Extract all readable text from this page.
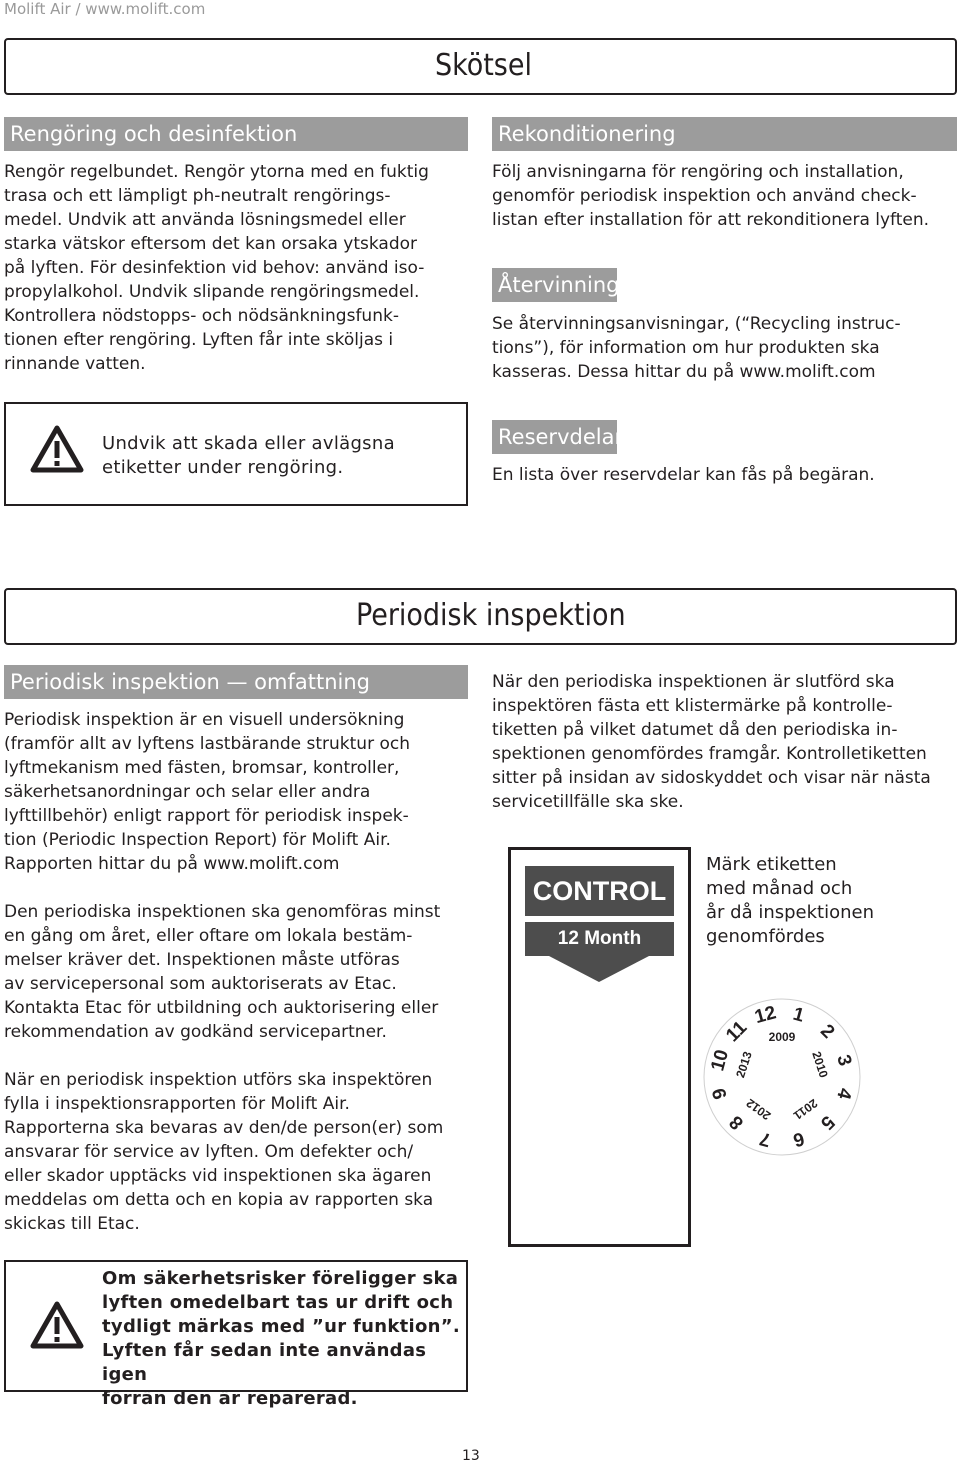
Molift Air / www.molift.com
Skötsel
Rengöring och desinfektion

Rengör regelbundet. Rengör ytorna med en fuktig

trasa och ett lämpligt ph-neutralt rengörings-

medel. Undvik att använda lösningsmedel eller

starka vätskor eftersom det kan orsaka ytskador

på lyften. För desinfektion vid behov: använd iso-

propylalkohol. Undvik slipande rengöringsmedel.

Kontrollera nödstopps- och nödsänkningsfunk-

tionen efter rengöring. Lyften får inte sköljas i

rinnande vatten.

Undvik att skada eller avlägsna
etiketter under rengöring.
Rekonditionering

Följ anvisningarna för rengöring och installation,

genomför periodisk inspektion och använd check-

listan efter installation för att rekonditionera lyften.

Återvinning

Se återvinningsanvisningar, (“Recycling instruc-

tions”), för information om hur produkten ska

kasseras. Dessa hittar du på www.molift.com

Reservdelar

En lista över reservdelar kan fås på begäran.

Periodisk inspektion
Periodisk inspektion — omfattning

Periodisk inspektion är en visuell undersökning

(framför allt av lyftens lastbärande struktur och

lyftmekanism med fästen, bromsar, kontroller,

säkerhetsanordningar och selar eller andra

lyfttillbehör) enligt rapport för periodisk inspek-

tion (Periodic Inspection Report) för Molift Air.

Rapporten hittar du på www.molift.com

Den periodiska inspektionen ska genomföras minst

en gång om året, eller oftare om lokala bestäm-

melser kräver det. Inspektionen måste utföras

av servicepersonal som auktoriserats av Etac.

Kontakta Etac för utbildning och auktorisering eller

rekommendation av godkänd servicepartner.

När en periodisk inspektion utförs ska inspektören

fylla i inspektionsrapporten för Molift Air.

Rapporterna ska bevaras av den/de person(er) som

ansvarar för service av lyften. Om defekter och/

eller skador upptäcks vid inspektionen ska ägaren

meddelas om detta och en kopia av rapporten ska

skickas till Etac.

När den periodiska inspektionen är slutförd ska

inspektören fästa ett klistermärke på kontrolle-

tiketten på vilket datumet då den periodiska in-

spektionen genomfördes framgår. Kontrolletiketten

sitter på insidan av sidoskyddet och visar när nästa

servicetillfälle ska ske.

CONTROL
12 Month
Märk etiketten
med månad och
år då inspektionen
genomfördes
1
2
3
4
5
6
7
8
9
10
11
12
2009
2010
2011
2012
2013
Om säkerhetsrisker föreligger ska
lyften omedelbart tas ur drift och
tydligt märkas med ”ur funktion”.
Lyften får sedan inte användas igen
förrän den är reparerad.
13
